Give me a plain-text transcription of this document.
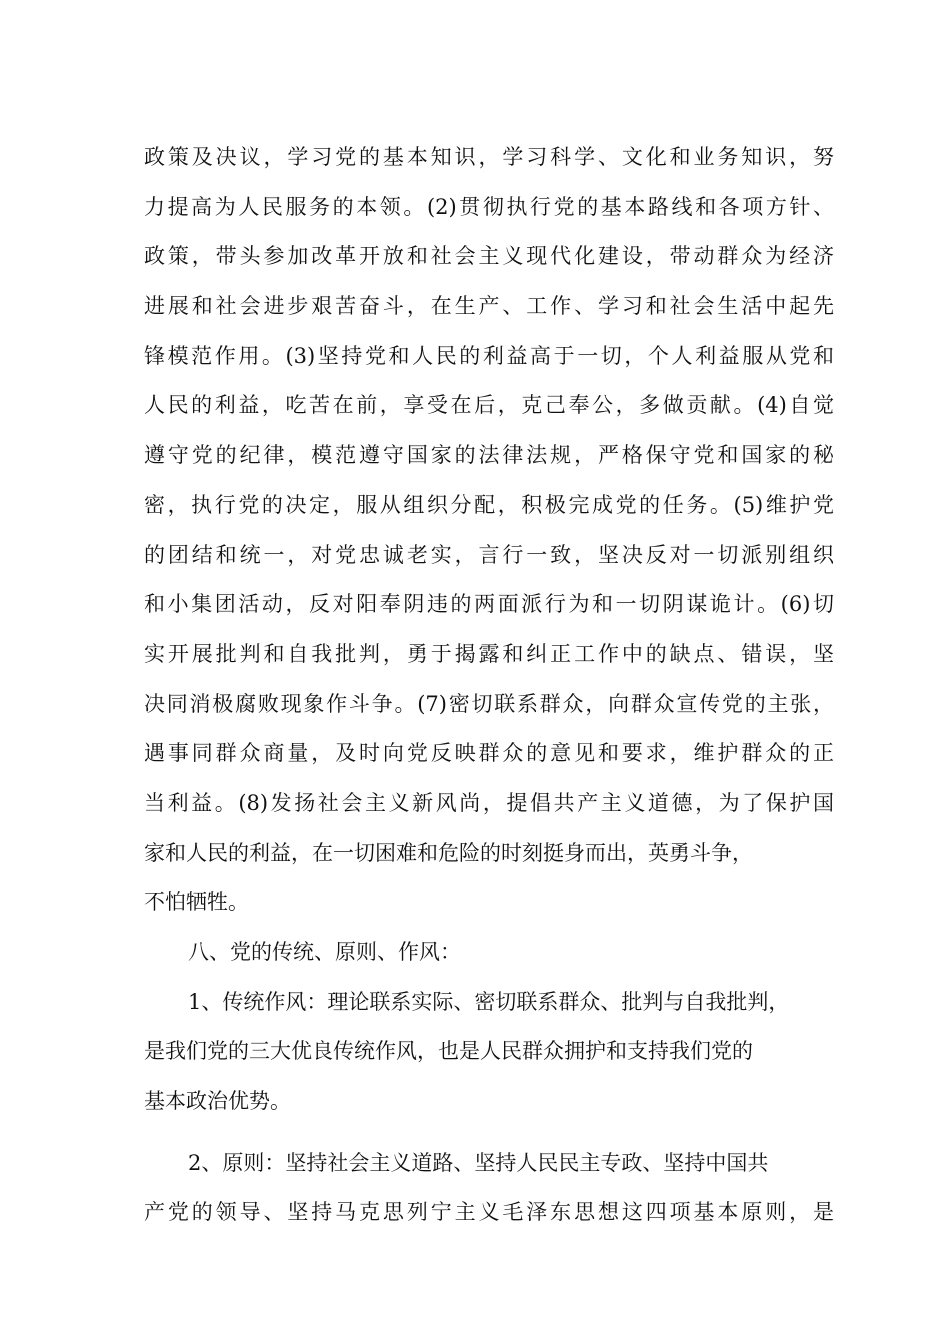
政策及决议，学习党的基本知识，学习科学、文化和业务知识，努
力提高为人民服务的本领。(2)贯彻执行党的基本路线和各项方针、
政策，带头参加改革开放和社会主义现代化建设，带动群众为经济
进展和社会进步艰苦奋斗，在生产、工作、学习和社会生活中起先
锋模范作用。(3)坚持党和人民的利益高于一切，个人利益服从党和
人民的利益，吃苦在前，享受在后，克己奉公，多做贡献。(4)自觉
遵守党的纪律，模范遵守国家的法律法规，严格保守党和国家的秘
密，执行党的决定，服从组织分配，积极完成党的任务。(5)维护党
的团结和统一，对党忠诚老实，言行一致，坚决反对一切派别组织
和小集团活动，反对阳奉阴违的两面派行为和一切阴谋诡计。(6)切
实开展批判和自我批判，勇于揭露和纠正工作中的缺点、错误，坚
决同消极腐败现象作斗争。(7)密切联系群众，向群众宣传党的主张，
遇事同群众商量，及时向党反映群众的意见和要求，维护群众的正
当利益。(8)发扬社会主义新风尚，提倡共产主义道德，为了保护国
家和人民的利益，在一切困难和危险的时刻挺身而出，英勇斗争，
不怕牺牲。
八、党的传统、原则、作风：
1、传统作风：理论联系实际、密切联系群众、批判与自我批判，
是我们党的三大优良传统作风，也是人民群众拥护和支持我们党的
基本政治优势。
2、原则：坚持社会主义道路、坚持人民民主专政、坚持中国共
产党的领导、坚持马克思列宁主义毛泽东思想这四项基本原则，是
